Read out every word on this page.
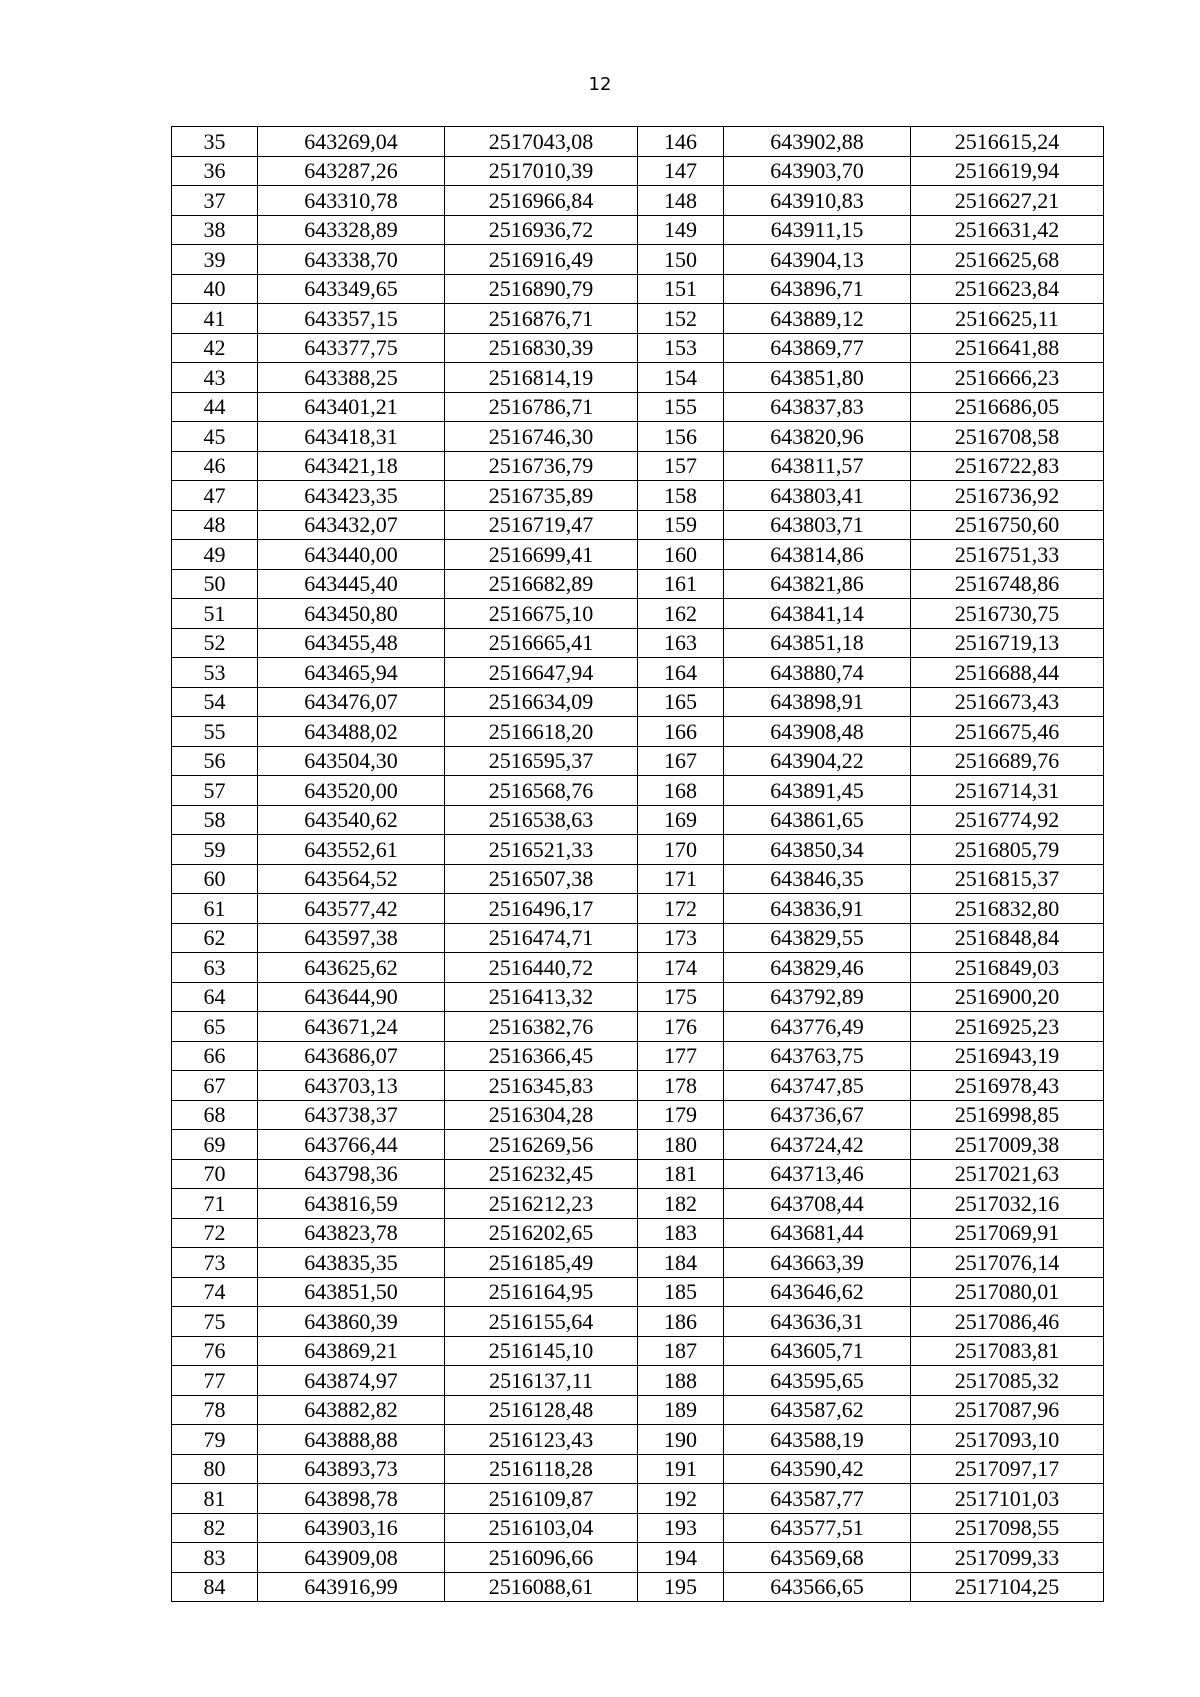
12
35	643269,04	2517043,08	146	643902,88	2516615,24
36	643287,26	2517010,39	147	643903,70	2516619,94
37	643310,78	2516966,84	148	643910,83	2516627,21
38	643328,89	2516936,72	149	643911,15	2516631,42
39	643338,70	2516916,49	150	643904,13	2516625,68
40	643349,65	2516890,79	151	643896,71	2516623,84
41	643357,15	2516876,71	152	643889,12	2516625,11
42	643377,75	2516830,39	153	643869,77	2516641,88
43	643388,25	2516814,19	154	643851,80	2516666,23
44	643401,21	2516786,71	155	643837,83	2516686,05
45	643418,31	2516746,30	156	643820,96	2516708,58
46	643421,18	2516736,79	157	643811,57	2516722,83
47	643423,35	2516735,89	158	643803,41	2516736,92
48	643432,07	2516719,47	159	643803,71	2516750,60
49	643440,00	2516699,41	160	643814,86	2516751,33
50	643445,40	2516682,89	161	643821,86	2516748,86
51	643450,80	2516675,10	162	643841,14	2516730,75
52	643455,48	2516665,41	163	643851,18	2516719,13
53	643465,94	2516647,94	164	643880,74	2516688,44
54	643476,07	2516634,09	165	643898,91	2516673,43
55	643488,02	2516618,20	166	643908,48	2516675,46
56	643504,30	2516595,37	167	643904,22	2516689,76
57	643520,00	2516568,76	168	643891,45	2516714,31
58	643540,62	2516538,63	169	643861,65	2516774,92
59	643552,61	2516521,33	170	643850,34	2516805,79
60	643564,52	2516507,38	171	643846,35	2516815,37
61	643577,42	2516496,17	172	643836,91	2516832,80
62	643597,38	2516474,71	173	643829,55	2516848,84
63	643625,62	2516440,72	174	643829,46	2516849,03
64	643644,90	2516413,32	175	643792,89	2516900,20
65	643671,24	2516382,76	176	643776,49	2516925,23
66	643686,07	2516366,45	177	643763,75	2516943,19
67	643703,13	2516345,83	178	643747,85	2516978,43
68	643738,37	2516304,28	179	643736,67	2516998,85
69	643766,44	2516269,56	180	643724,42	2517009,38
70	643798,36	2516232,45	181	643713,46	2517021,63
71	643816,59	2516212,23	182	643708,44	2517032,16
72	643823,78	2516202,65	183	643681,44	2517069,91
73	643835,35	2516185,49	184	643663,39	2517076,14
74	643851,50	2516164,95	185	643646,62	2517080,01
75	643860,39	2516155,64	186	643636,31	2517086,46
76	643869,21	2516145,10	187	643605,71	2517083,81
77	643874,97	2516137,11	188	643595,65	2517085,32
78	643882,82	2516128,48	189	643587,62	2517087,96
79	643888,88	2516123,43	190	643588,19	2517093,10
80	643893,73	2516118,28	191	643590,42	2517097,17
81	643898,78	2516109,87	192	643587,77	2517101,03
82	643903,16	2516103,04	193	643577,51	2517098,55
83	643909,08	2516096,66	194	643569,68	2517099,33
84	643916,99	2516088,61	195	643566,65	2517104,25
